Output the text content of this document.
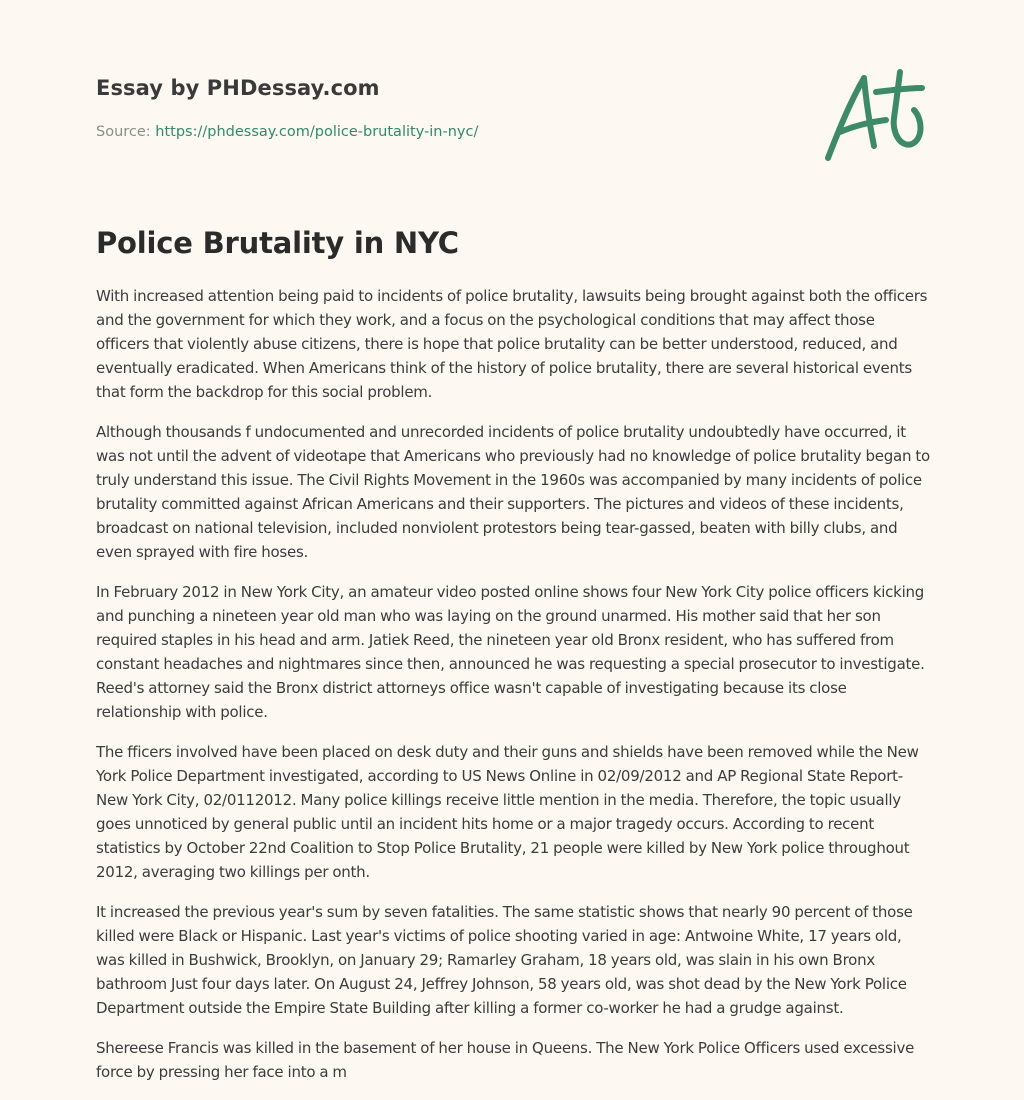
Essay by PHDessay.com
Source: https://phdessay.com/police-brutality-in-nyc/
Police Brutality in NYC

With increased attention being paid to incidents of police brutality, lawsuits being brought against both the officers and the government for which they work, and a focus on the psychological conditions that may affect those officers that violently abuse citizens, there is hope that police brutality can be better understood, reduced, and eventually eradicated. When Americans think of the history of police brutality, there are several historical events that form the backdrop for this social problem.

Although thousands f undocumented and unrecorded incidents of police brutality undoubtedly have occurred, it was not until the advent of videotape that Americans who previously had no knowledge of police brutality began to truly understand this issue. The Civil Rights Movement in the 1960s was accompanied by many incidents of police brutality committed against African Americans and their supporters. The pictures and videos of these incidents, broadcast on national television, included nonviolent protestors being tear-gassed, beaten with billy clubs, and even sprayed with fire hoses.

In February 2012 in New York City, an amateur video posted online shows four New York City police officers kicking and punching a nineteen year old man who was laying on the ground unarmed. His mother said that her son required staples in his head and arm. Jatiek Reed, the nineteen year old Bronx resident, who has suffered from constant headaches and nightmares since then, announced he was requesting a special prosecutor to investigate. Reed's attorney said the Bronx district attorneys office wasn't capable of investigating because its close relationship with police.

The fficers involved have been placed on desk duty and their guns and shields have been removed while the New York Police Department investigated, according to US News Online in 02/09/2012 and AP Regional State Report-New York City, 02/0112012. Many police killings receive little mention in the media. Therefore, the topic usually goes unnoticed by general public until an incident hits home or a major tragedy occurs. According to recent statistics by October 22nd Coalition to Stop Police Brutality, 21 people were killed by New York police throughout 2012, averaging two killings per onth.

It increased the previous year's sum by seven fatalities. The same statistic shows that nearly 90 percent of those killed were Black or Hispanic. Last year's victims of police shooting varied in age: Antwoine White, 17 years old, was killed in Bushwick, Brooklyn, on January 29; Ramarley Graham, 18 years old, was slain in his own Bronx bathroom Just four days later. On August 24, Jeffrey Johnson, 58 years old, was shot dead by the New York Police Department outside the Empire State Building after killing a former co-worker he had a grudge against.

Shereese Francis was killed in the basement of her house in Queens. The New York Police Officers used excessive force by pressing her face into a m
